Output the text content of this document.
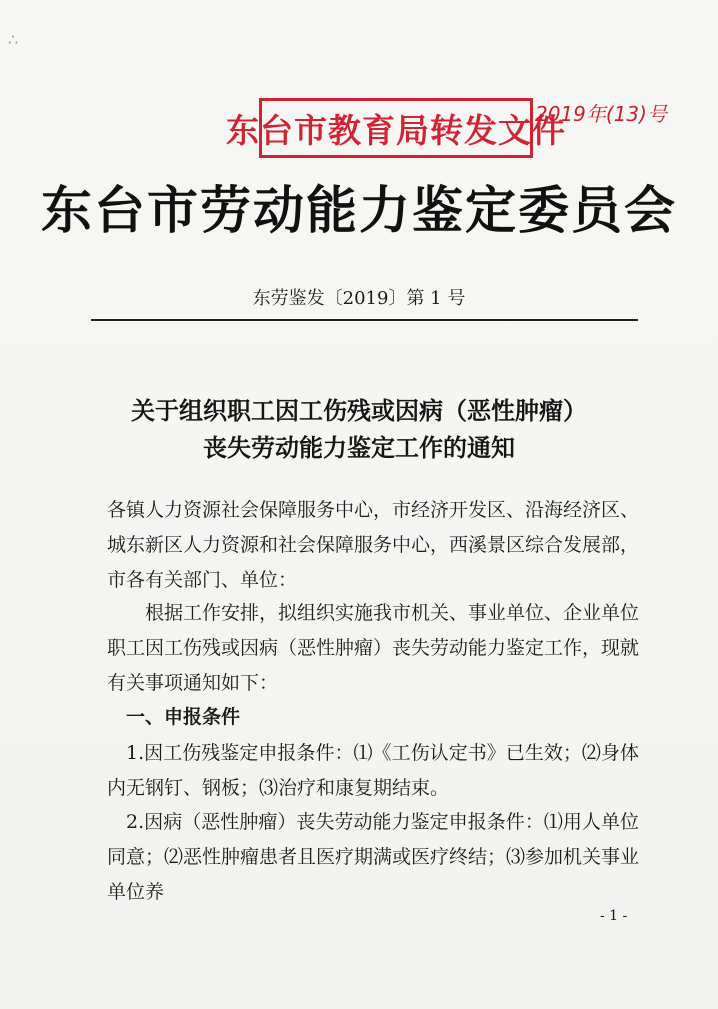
∴
东台市教育局转发文件
2019年(13)号
东台市劳动能力鉴定委员会
东劳鉴发〔2019〕第 1 号
关于组织职工因工伤残或因病（恶性肿瘤）
丧失劳动能力鉴定工作的通知

各镇人力资源社会保障服务中心，市经济开发区、沿海经济区、城东新区人力资源和社会保障服务中心，西溪景区综合发展部，市各有关部门、单位：

根据工作安排，拟组织实施我市机关、事业单位、企业单位职工因工伤残或因病（恶性肿瘤）丧失劳动能力鉴定工作，现就有关事项通知如下：

一、申报条件

1.因工伤残鉴定申报条件：⑴《工伤认定书》已生效；⑵身体内无钢钉、钢板；⑶治疗和康复期结束。

2.因病（恶性肿瘤）丧失劳动能力鉴定申报条件：⑴用人单位同意；⑵恶性肿瘤患者且医疗期满或医疗终结；⑶参加机关事业单位养

- 1 -
